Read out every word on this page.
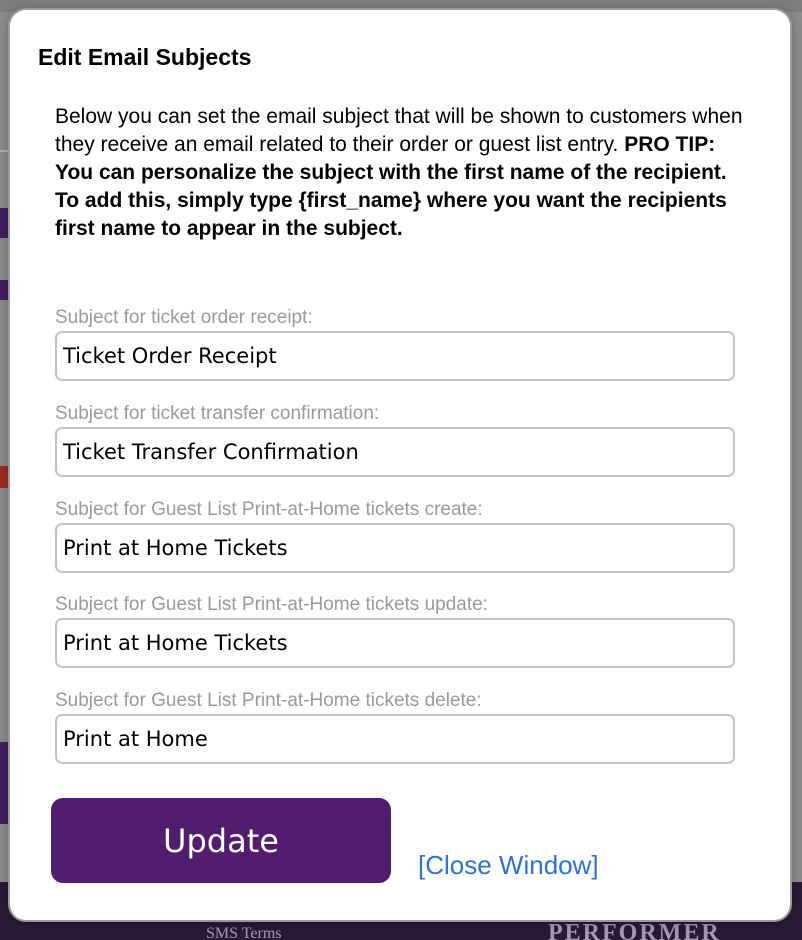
SMS Terms	PERFORMER
Edit Email Subjects

Below you can set the email subject that will be shown to customers when they receive an email related to their order or guest list entry. PRO TIP: You can personalize the subject with the first name of the recipient. To add this, simply type {first_name} where you want the recipients first name to appear in the subject.

Subject for ticket order receipt:
Ticket Order Receipt
Subject for ticket transfer confirmation:
Ticket Transfer Confirmation
Subject for Guest List Print-at-Home tickets create:
Print at Home Tickets
Subject for Guest List Print-at-Home tickets update:
Print at Home Tickets
Subject for Guest List Print-at-Home tickets delete:
Print at Home
Update
[Close Window]
